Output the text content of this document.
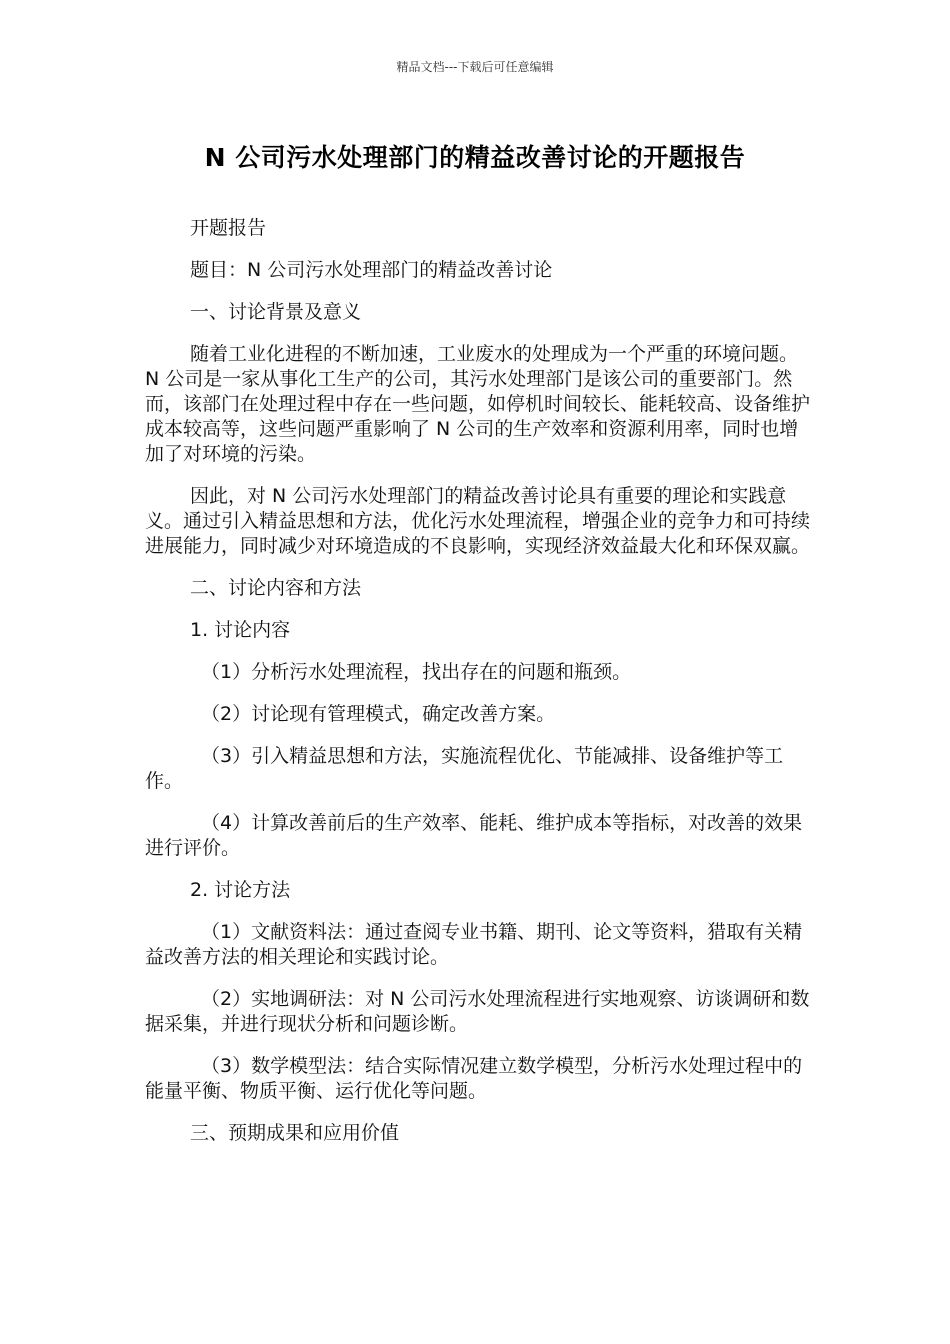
精品文档---下载后可任意编辑
N 公司污水处理部门的精益改善讨论的开题报告

开题报告

题目：N 公司污水处理部门的精益改善讨论

一、讨论背景及意义

随着工业化进程的不断加速，工业废水的处理成为一个严重的环境问题。N 公司是一家从事化工生产的公司，其污水处理部门是该公司的重要部门。然而，该部门在处理过程中存在一些问题，如停机时间较长、能耗较高、设备维护成本较高等，这些问题严重影响了 N 公司的生产效率和资源利用率，同时也增加了对环境的污染。

因此，对 N 公司污水处理部门的精益改善讨论具有重要的理论和实践意义。通过引入精益思想和方法，优化污水处理流程，增强企业的竞争力和可持续进展能力，同时减少对环境造成的不良影响，实现经济效益最大化和环保双赢。

二、讨论内容和方法

1. 讨论内容

（1）分析污水处理流程，找出存在的问题和瓶颈。

（2）讨论现有管理模式，确定改善方案。

（3）引入精益思想和方法，实施流程优化、节能减排、设备维护等工作。

（4）计算改善前后的生产效率、能耗、维护成本等指标，对改善的效果进行评价。

2. 讨论方法

（1）文献资料法：通过查阅专业书籍、期刊、论文等资料，猎取有关精益改善方法的相关理论和实践讨论。

（2）实地调研法：对 N 公司污水处理流程进行实地观察、访谈调研和数据采集，并进行现状分析和问题诊断。

（3）数学模型法：结合实际情况建立数学模型，分析污水处理过程中的能量平衡、物质平衡、运行优化等问题。

三、预期成果和应用价值
